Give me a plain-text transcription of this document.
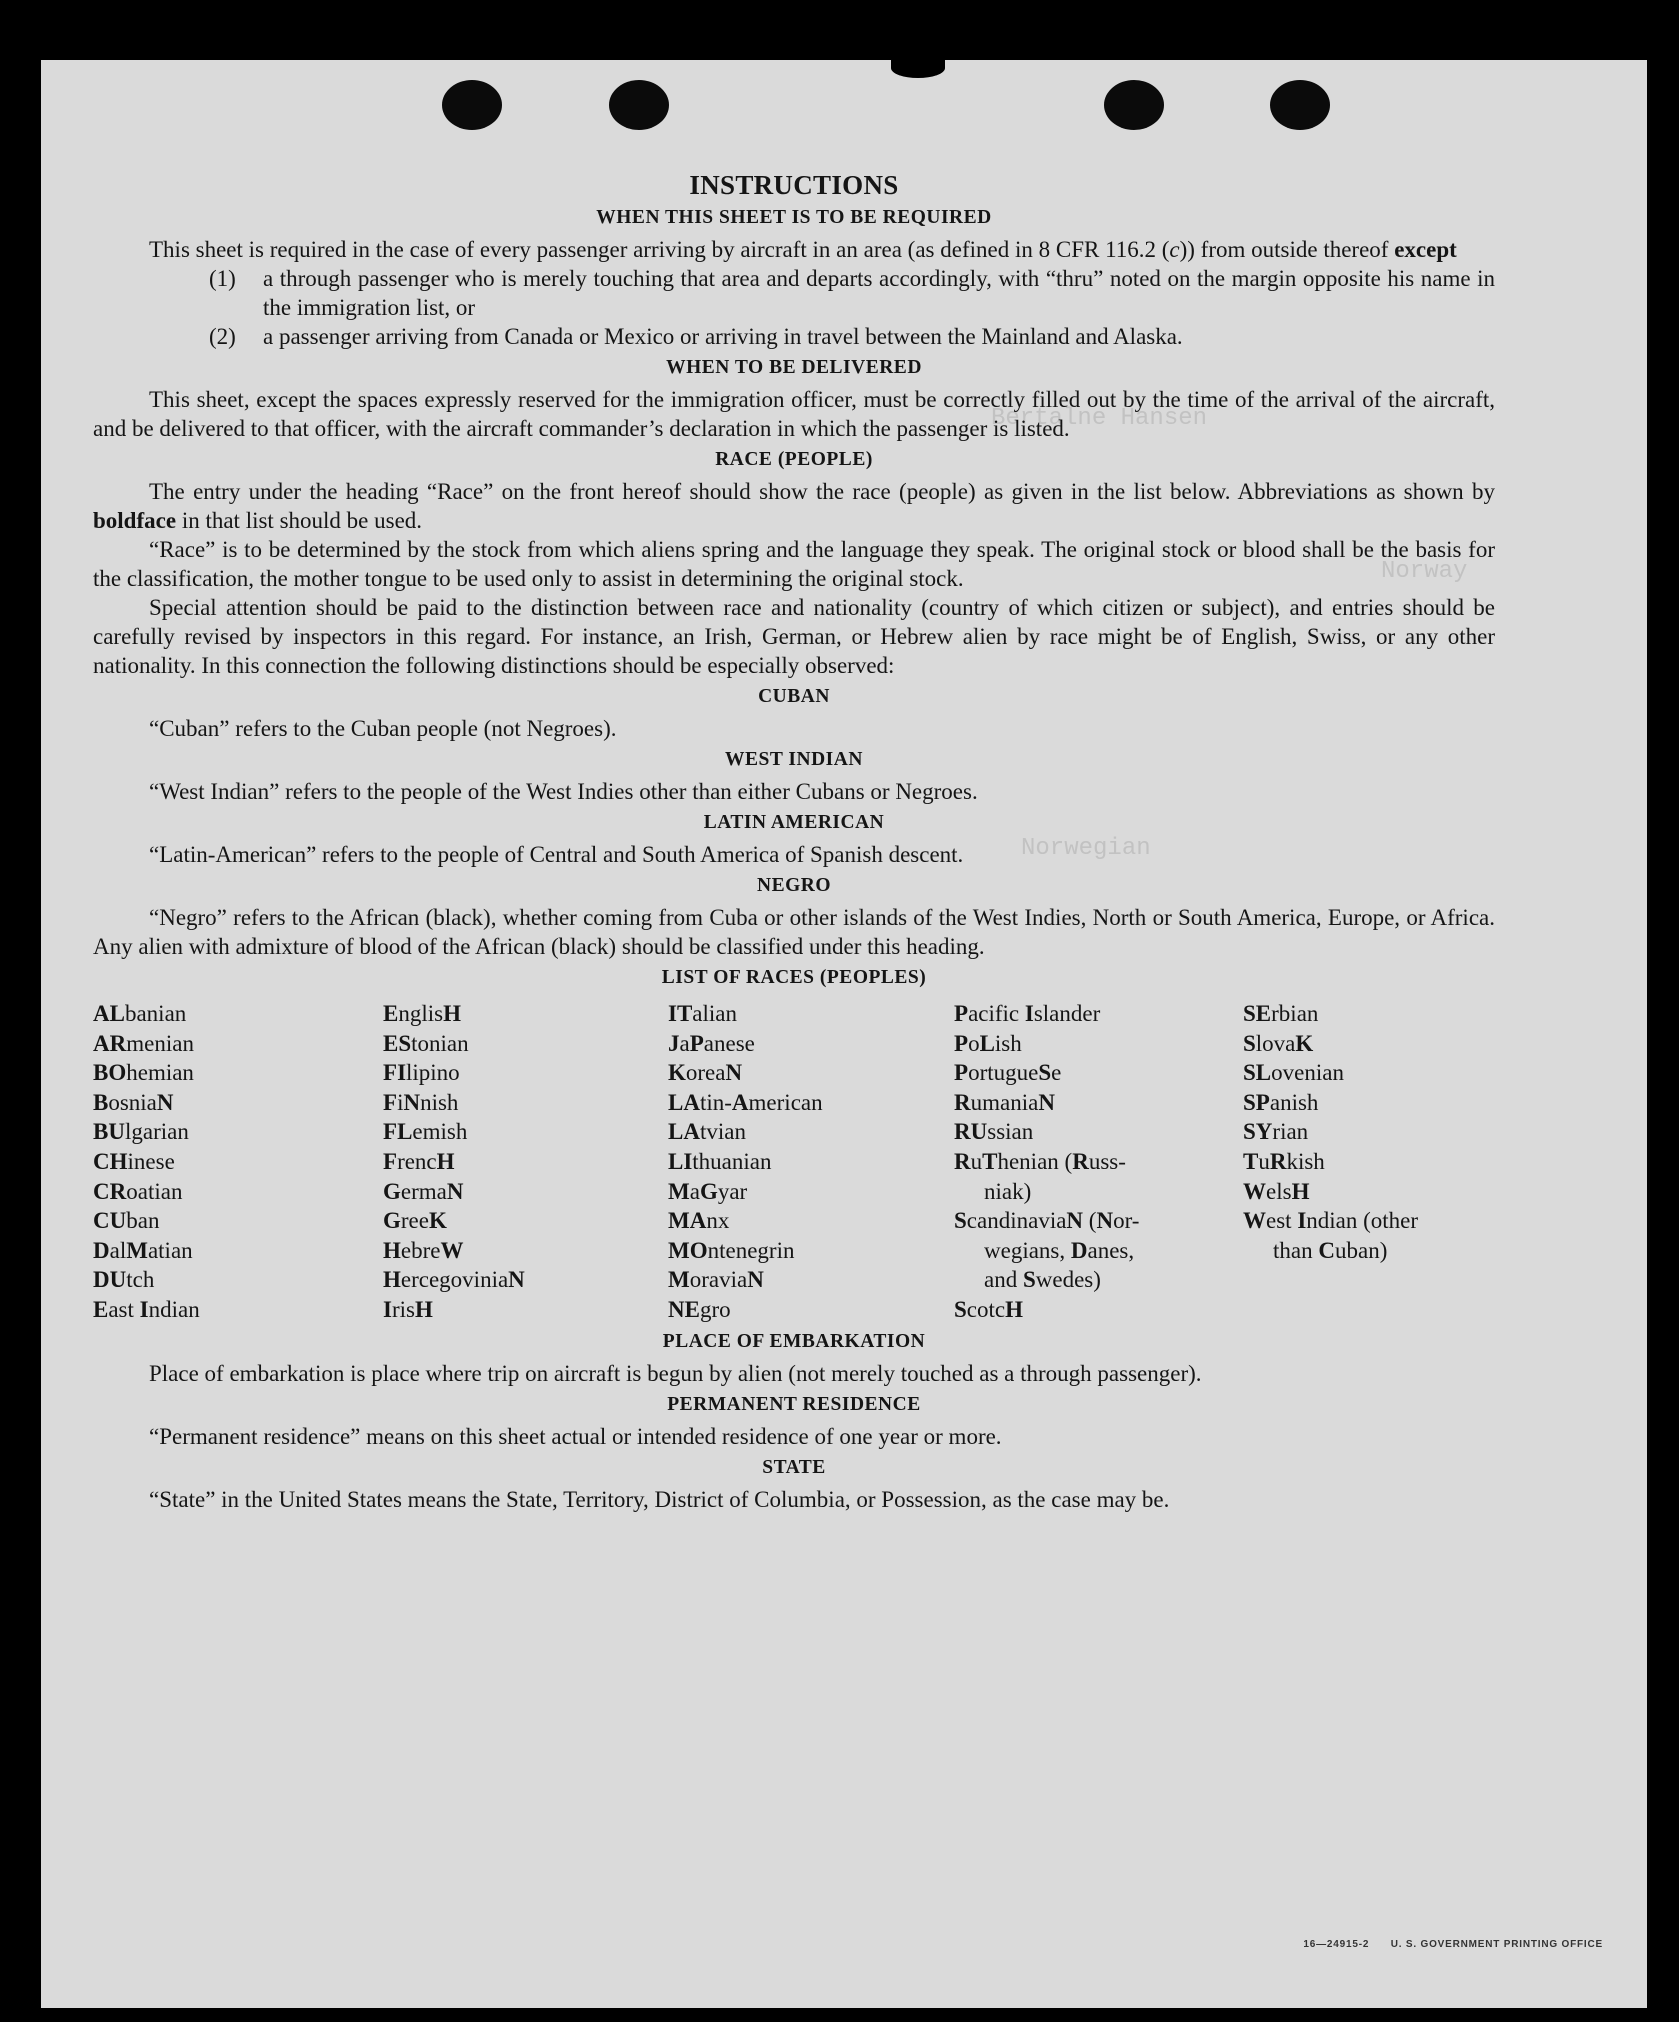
Bertalne Hansen
Norway
Norwegian
INSTRUCTIONS
WHEN THIS SHEET IS TO BE REQUIRED

This sheet is required in the case of every passenger arriving by aircraft in an area (as defined in 8 CFR 116.2 (c)) from outside thereof except

(1)	a through passenger who is merely touching that area and departs accordingly, with “thru” noted on the margin opposite his name in the immigration list, or
(2)	a passenger arriving from Canada or Mexico or arriving in travel between the Mainland and Alaska.
WHEN TO BE DELIVERED

This sheet, except the spaces expressly reserved for the immigration officer, must be correctly filled out by the time of the arrival of the aircraft, and be delivered to that officer, with the aircraft commander’s declaration in which the passenger is listed.

RACE (PEOPLE)

The entry under the heading “Race” on the front hereof should show the race (people) as given in the list below. Abbreviations as shown by boldface in that list should be used.

“Race” is to be determined by the stock from which aliens spring and the language they speak. The original stock or blood shall be the basis for the classification, the mother tongue to be used only to assist in determining the original stock.

Special attention should be paid to the distinction between race and nationality (country of which citizen or subject), and entries should be carefully revised by inspectors in this regard. For instance, an Irish, German, or Hebrew alien by race might be of English, Swiss, or any other nationality. In this connection the following distinctions should be especially observed:

CUBAN

“Cuban” refers to the Cuban people (not Negroes).

WEST INDIAN

“West Indian” refers to the people of the West Indies other than either Cubans or Negroes.

LATIN AMERICAN

“Latin-American” refers to the people of Central and South America of Spanish descent.

NEGRO

“Negro” refers to the African (black), whether coming from Cuba or other islands of the West Indies, North or South America, Europe, or Africa. Any alien with admixture of blood of the African (black) should be classified under this heading.

LIST OF RACES (PEOPLES)
ALbanian
ARmenian
BOhemian
BosniaN
BUlgarian
CHinese
CRoatian
CUban
DalMatian
DUtch
East Indian
EnglisH
EStonian
FIlipino
FiNnish
FLemish
FrencH
GermaN
GreeK
HebreW
HercegoviniaN
IrisH
ITalian
JaPanese
KoreaN
LAtin-American
LAtvian
LIthuanian
MaGyar
MAnx
MOntenegrin
MoraviaN
NEgro
Pacific Islander
PoLish
PortugueSe
RumaniaN
RUssian
RuThenian (Russ-
niak)
ScandinaviaN (Nor-
wegians, Danes,
and Swedes)
ScotcH
SErbian
SlovaK
SLovenian
SPanish
SYrian
TuRkish
WelsH
West Indian (other
than Cuban)
PLACE OF EMBARKATION

Place of embarkation is place where trip on aircraft is begun by alien (not merely touched as a through passenger).

PERMANENT RESIDENCE

“Permanent residence” means on this sheet actual or intended residence of one year or more.

STATE

“State” in the United States means the State, Territory, District of Columbia, or Possession, as the case may be.

16—24915-2 U. S. GOVERNMENT PRINTING OFFICE
